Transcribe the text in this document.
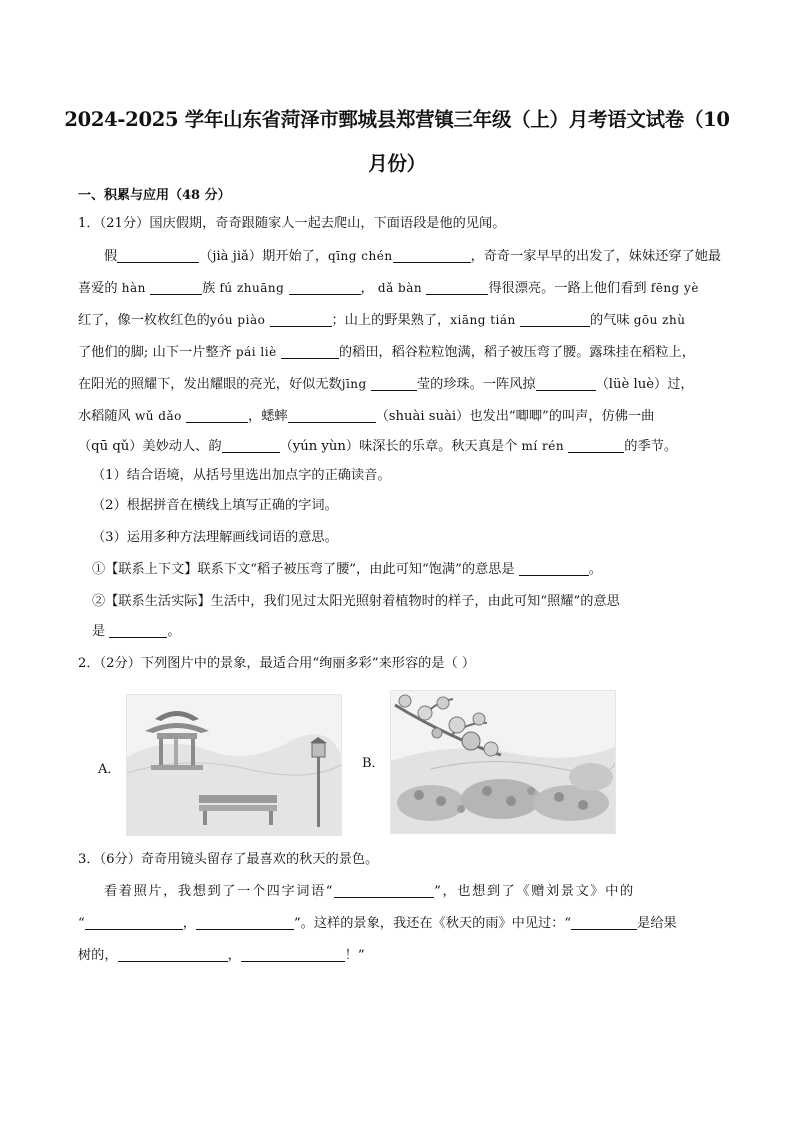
2024-2025 学年山东省菏泽市鄄城县郑营镇三年级（上）月考语文试卷（10
月份）
一、积累与应用（48 分）
1．（21分）国庆假期，奇奇跟随家人一起去爬山，下面语段是他的见闻。
假	（jià jiǎ）期开始了，qīng chén	，奇奇一家早早的出发了，妹妹还穿了她最
喜爱的 hàn	族 fú zhuāng	， dǎ bàn	得很漂亮。一路上他们看到 fēng yè
红了，像一枚枚红色的yóu piào	；山上的野果熟了，xiāng tián	的气味 gōu zhù
了他们的脚; 山下一片整齐 pái liè	的稻田，稻谷粒粒饱满，稻子被压弯了腰。露珠挂在稻粒上，
在阳光的照耀下，发出耀眼的亮光，好似无数jīng	莹的珍珠。一阵风掠	（lüè luè）过，
水稻随风 wǔ dǎo	，蟋蟀	（shuài suài）也发出“唧唧”的叫声，仿佛一曲
（qū qǔ）美妙动人、韵	（yún yùn）味深长的乐章。秋天真是个 mí rén	的季节。
（1）结合语境，从括号里选出加点字的正确读音。
（2）根据拼音在横线上填写正确的字词。
（3）运用多种方法理解画线词语的意思。
①【联系上下文】联系下文“稻子被压弯了腰”，由此可知“饱满”的意思是	。
②【联系生活实际】生活中，我们见过太阳光照射着植物时的样子，由此可知“照耀”的意思
是	。
2．（2分）下列图片中的景象，最适合用“绚丽多彩”来形容的是（ ）
A．	B．
3．（6分）奇奇用镜头留存了最喜欢的秋天的景色。
看着照片，我想到了一个四字词语“	”，也想到了《赠刘景文》中的
“	，	”。这样的景象，我还在《秋天的雨》中见过：“	是给果
树的，	，	！”
